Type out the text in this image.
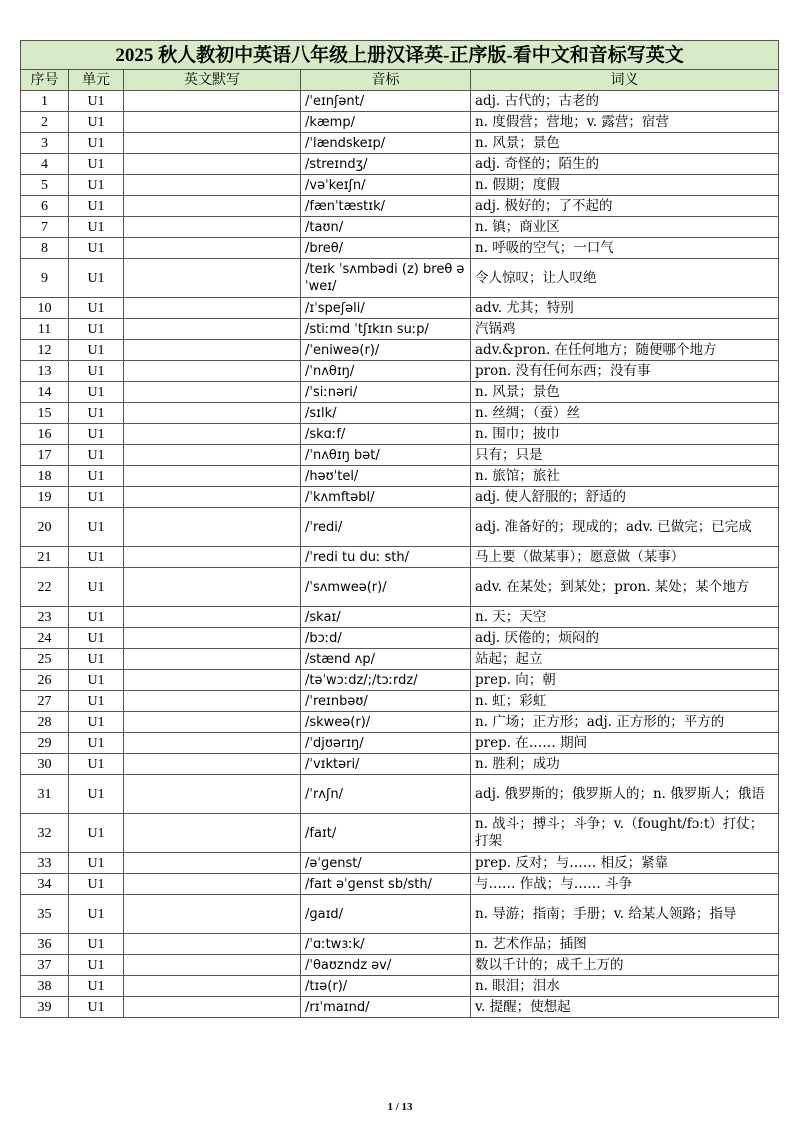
2025 秋人教初中英语八年级上册汉译英-正序版-看中文和音标写英文				
序号	单元	英文默写	音标	词义
1	U1		/ˈeɪnʃənt/	adj. 古代的；古老的
2	U1		/kæmp/	n. 度假营；营地；v. 露营；宿营
3	U1		/ˈlændskeɪp/	n. 风景；景色
4	U1		/streɪndʒ/	adj. 奇怪的；陌生的
5	U1		/vəˈkeɪʃn/	n. 假期；度假
6	U1		/fænˈtæstɪk/	adj. 极好的；了不起的
7	U1		/taʊn/	n. 镇；商业区
8	U1		/breθ/	n. 呼吸的空气；一口气
9	U1		/teɪk ˈsʌmbədi (z) breθ əˈweɪ/	令人惊叹；让人叹绝
10	U1		/ɪˈspeʃəli/	adv. 尤其；特别
11	U1		/stiːmd ˈtʃɪkɪn suːp/	汽锅鸡
12	U1		/ˈeniweə(r)/	adv.&pron. 在任何地方；随便哪个地方
13	U1		/ˈnʌθɪŋ/	pron. 没有任何东西；没有事
14	U1		/ˈsiːnəri/	n. 风景；景色
15	U1		/sɪlk/	n. 丝绸；（蚕）丝
16	U1		/skɑːf/	n. 围巾；披巾
17	U1		/ˈnʌθɪŋ bət/	只有；只是
18	U1		/həʊˈtel/	n. 旅馆；旅社
19	U1		/ˈkʌmftəbl/	adj. 使人舒服的；舒适的
20	U1		/ˈredi/	adj. 准备好的；现成的；adv. 已做完；已完成
21	U1		/ˈredi tu duː sth/	马上要（做某事）；愿意做（某事）
22	U1		/ˈsʌmweə(r)/	adv. 在某处；到某处；pron. 某处；某个地方
23	U1		/skaɪ/	n. 天；天空
24	U1		/bɔːd/	adj. 厌倦的；烦闷的
25	U1		/stænd ʌp/	站起；起立
26	U1		/təˈwɔːdz/;/tɔːrdz/	prep. 向；朝
27	U1		/ˈreɪnbəʊ/	n. 虹；彩虹
28	U1		/skweə(r)/	n. 广场；正方形；adj. 正方形的；平方的
29	U1		/ˈdjʊərɪŋ/	prep. 在…… 期间
30	U1		/ˈvɪktəri/	n. 胜利；成功
31	U1		/ˈrʌʃn/	adj. 俄罗斯的；俄罗斯人的；n. 俄罗斯人；俄语
32	U1		/faɪt/	n. 战斗；搏斗；斗争；v.（fought/fɔːt）打仗；打架
33	U1		/əˈɡenst/	prep. 反对；与…… 相反；紧靠
34	U1		/faɪt əˈɡenst sb/sth/	与…… 作战；与…… 斗争
35	U1		/ɡaɪd/	n. 导游；指南；手册；v. 给某人领路；指导
36	U1		/ˈɑːtwɜːk/	n. 艺术作品；插图
37	U1		/ˈθaʊzndz əv/	数以千计的；成千上万的
38	U1		/tɪə(r)/	n. 眼泪；泪水
39	U1		/rɪˈmaɪnd/	v. 提醒；使想起
1 / 13
